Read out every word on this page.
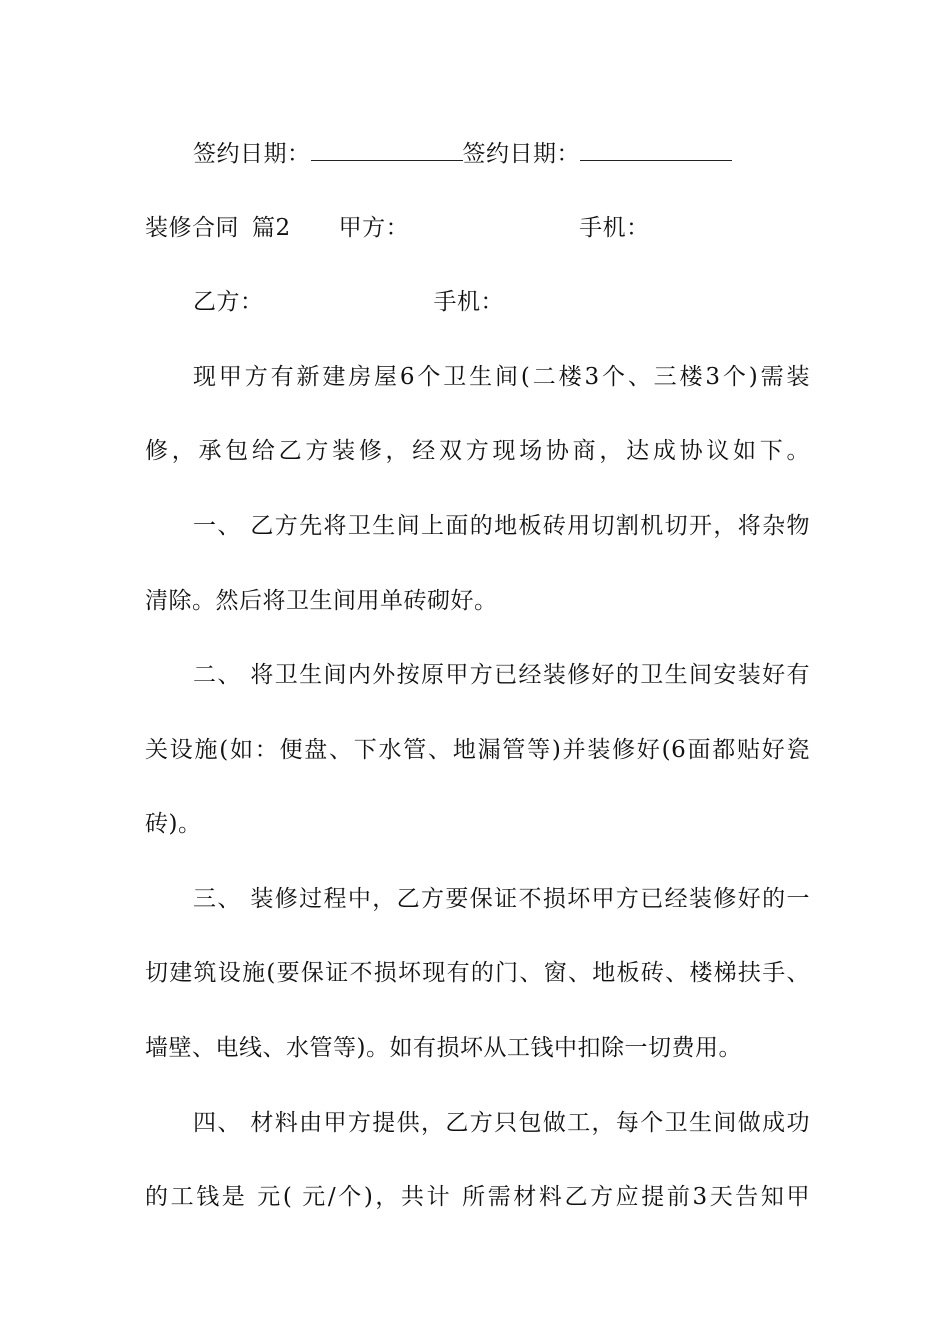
签约日期：	签约日期：
装修合同 篇2 甲方：	手机：
乙方：	手机：
现甲方有新建房屋6个卫生间(二楼3个、三楼3个)需装
修，承包给乙方装修，经双方现场协商，达成协议如下。
一、 乙方先将卫生间上面的地板砖用切割机切开，将杂物
清除。然后将卫生间用单砖砌好。
二、 将卫生间内外按原甲方已经装修好的卫生间安装好有
关设施(如：便盘、下水管、地漏管等)并装修好(6面都贴好瓷
砖)。
三、 装修过程中，乙方要保证不损坏甲方已经装修好的一
切建筑设施(要保证不损坏现有的门、窗、地板砖、楼梯扶手、
墙壁、电线、水管等)。如有损坏从工钱中扣除一切费用。
四、 材料由甲方提供，乙方只包做工，每个卫生间做成功
的工钱是 元( 元/个)，共计 所需材料乙方应提前3天告知甲
